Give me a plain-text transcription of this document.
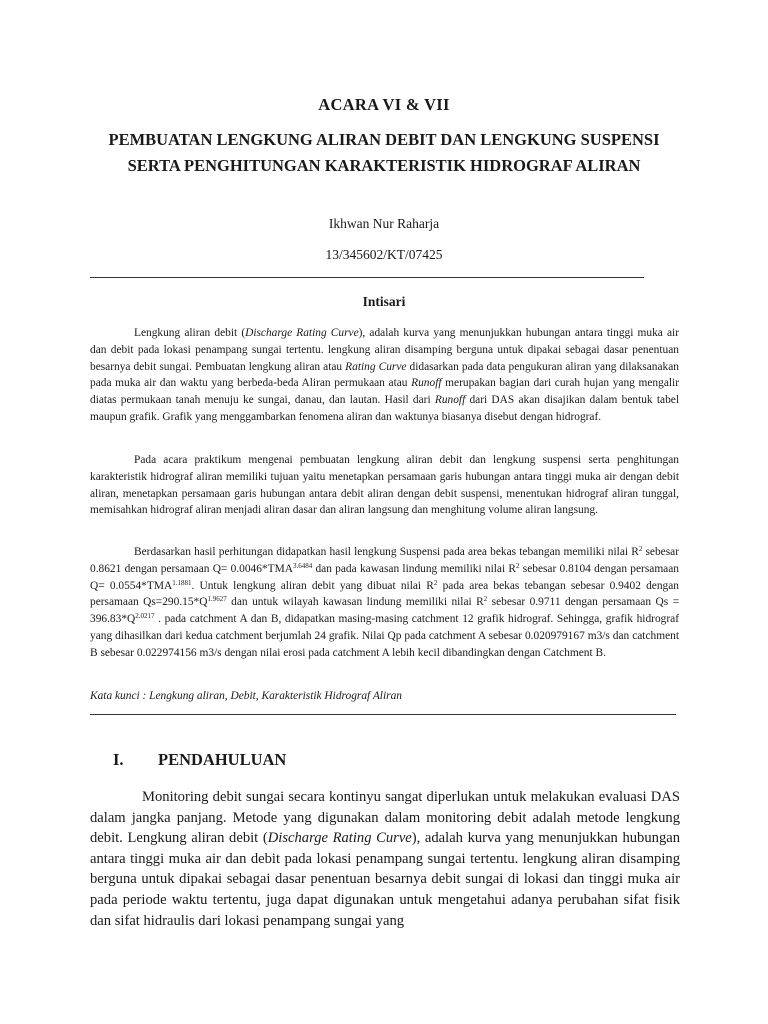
ACARA VI & VII
PEMBUATAN LENGKUNG ALIRAN DEBIT DAN LENGKUNG SUSPENSI SERTA PENGHITUNGAN KARAKTERISTIK HIDROGRAF ALIRAN
Ikhwan Nur Raharja
13/345602/KT/07425
Intisari

Lengkung aliran debit (Discharge Rating Curve), adalah kurva yang menunjukkan hubungan antara tinggi muka air dan debit pada lokasi penampang sungai tertentu. lengkung aliran disamping berguna untuk dipakai sebagai dasar penentuan besarnya debit sungai. Pembuatan lengkung aliran atau Rating Curve didasarkan pada data pengukuran aliran yang dilaksanakan pada muka air dan waktu yang berbeda-beda Aliran permukaan atau Runoff merupakan bagian dari curah hujan yang mengalir diatas permukaan tanah menuju ke sungai, danau, dan lautan. Hasil dari Runoff dari DAS akan disajikan dalam bentuk tabel maupun grafik. Grafik yang menggambarkan fenomena aliran dan waktunya biasanya disebut dengan hidrograf.

Pada acara praktikum mengenai pembuatan lengkung aliran debit dan lengkung suspensi serta penghitungan karakteristik hidrograf aliran memiliki tujuan yaitu menetapkan persamaan garis hubungan antara tinggi muka air dengan debit aliran, menetapkan persamaan garis hubungan antara debit aliran dengan debit suspensi, menentukan hidrograf aliran tunggal, memisahkan hidrograf aliran menjadi aliran dasar dan aliran langsung dan menghitung volume aliran langsung.

Berdasarkan hasil perhitungan didapatkan hasil lengkung Suspensi pada area bekas tebangan memiliki nilai $R^2$ sebesar 0.8621 dengan persamaan $Q= 0.0046*TMA^{3.6484}$ dan pada kawasan lindung memiliki nilai $R^2$ sebesar 0.8104 dengan persamaan $Q= 0.0554*TMA^{1.1881}$. Untuk lengkung aliran debit yang dibuat nilai $R^2$ pada area bekas tebangan sebesar 0.9402 dengan persamaan $Qs=290.15*Q^{1.9627}$ dan untuk wilayah kawasan lindung memiliki nilai $R^2$ sebesar 0.9711 dengan persamaan $Qs = 396.83*Q^{2.0217}$ . pada catchment A dan B, didapatkan masing-masing catchment 12 grafik hidrograf. Sehingga, grafik hidrograf yang dihasilkan dari kedua catchment berjumlah 24 grafik. Nilai Qp pada catchment A sebesar 0.020979167 m3/s dan catchment B sebesar 0.022974156 m3/s dengan nilai erosi pada catchment A lebih kecil dibandingkan dengan Catchment B.

Kata kunci : Lengkung aliran, Debit, Karakteristik Hidrograf Aliran
I. PENDAHULUAN

Monitoring debit sungai secara kontinyu sangat diperlukan untuk melakukan evaluasi DAS dalam jangka panjang. Metode yang digunakan dalam monitoring debit adalah metode lengkung debit. Lengkung aliran debit (Discharge Rating Curve), adalah kurva yang menunjukkan hubungan antara tinggi muka air dan debit pada lokasi penampang sungai tertentu. lengkung aliran disamping berguna untuk dipakai sebagai dasar penentuan besarnya debit sungai di lokasi dan tinggi muka air pada periode waktu tertentu, juga dapat digunakan untuk mengetahui adanya perubahan sifat fisik dan sifat hidraulis dari lokasi penampang sungai yang
